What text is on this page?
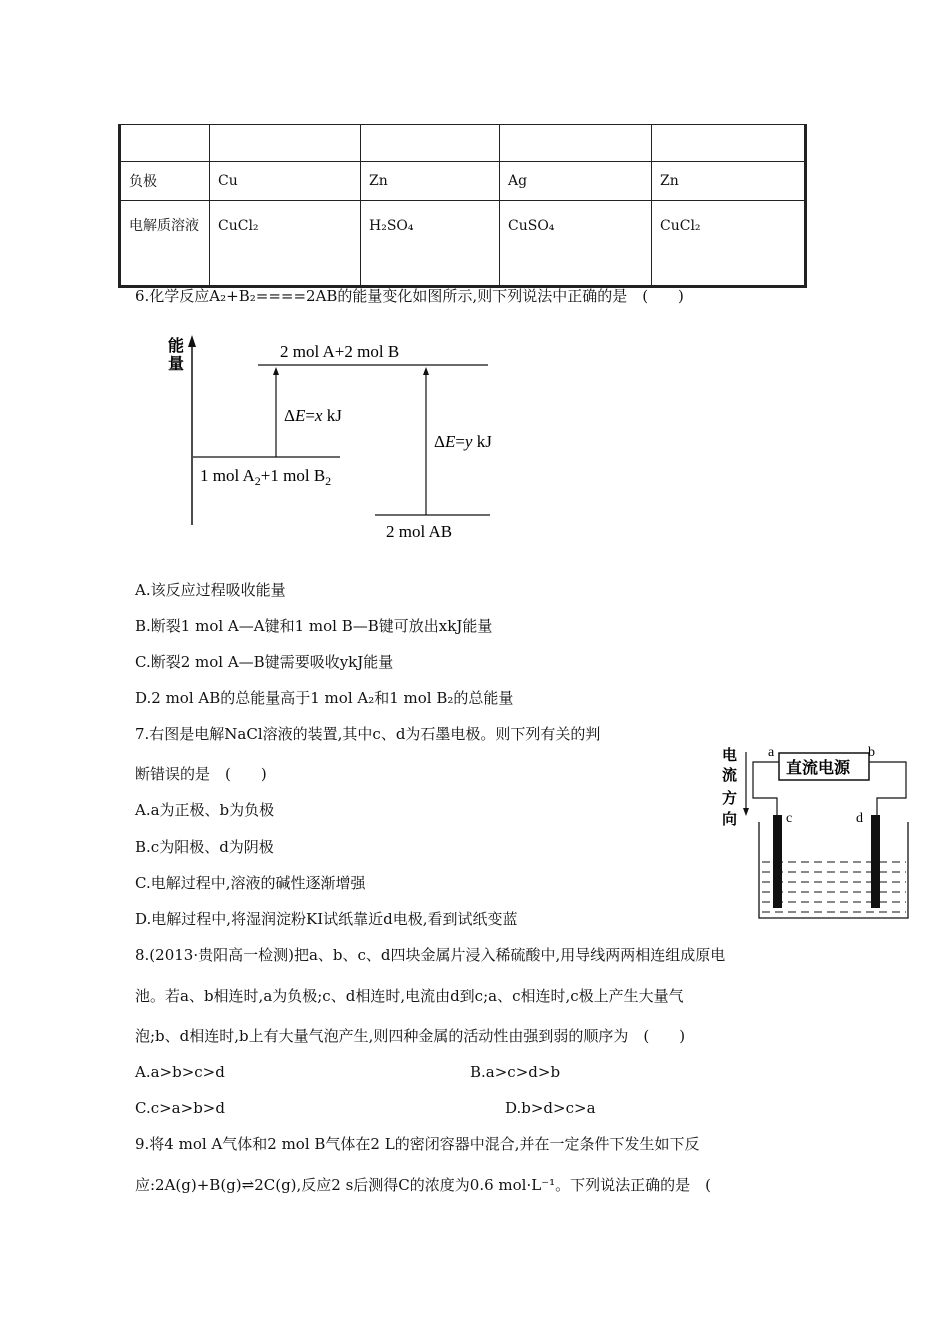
负极	Cu	Zn	Ag	Zn
电解质溶液	CuCl₂	H₂SO₄	CuSO₄	CuCl₂
6.化学反应A₂+B₂====2AB的能量变化如图所示,则下列说法中正确的是　(　　)
能
量
2 mol A+2 mol B
1 mol $A_2+1$ mol $B_2$
2 mol AB
ΔE=x kJ
ΔE=y kJ
A.该反应过程吸收能量
B.断裂1 mol A—A键和1 mol B—B键可放出xkJ能量
C.断裂2 mol A—B键需要吸收ykJ能量
D.2 mol AB的总能量高于1 mol A₂和1 mol B₂的总能量
7.右图是电解NaCl溶液的装置,其中c、d为石墨电极。则下列有关的判
断错误的是　(　　)
A.a为正极、b为负极
B.c为阳极、d为阴极
C.电解过程中,溶液的碱性逐渐增强
D.电解过程中,将湿润淀粉KI试纸靠近d电极,看到试纸变蓝
电
流
方
向
直流电源
a	b
c	d
8.(2013·贵阳高一检测)把a、b、c、d四块金属片浸入稀硫酸中,用导线两两相连组成原电
池。若a、b相连时,a为负极;c、d相连时,电流由d到c;a、c相连时,c极上产生大量气
泡;b、d相连时,b上有大量气泡产生,则四种金属的活动性由强到弱的顺序为　(　　)
A.a>b>c>d	B.a>c>d>b
C.c>a>b>d	D.b>d>c>a
9.将4 mol A气体和2 mol B气体在2 L的密闭容器中混合,并在一定条件下发生如下反
应:2A(g)+B(g)⇌2C(g),反应2 s后测得C的浓度为0.6 mol·L⁻¹。下列说法正确的是　(
